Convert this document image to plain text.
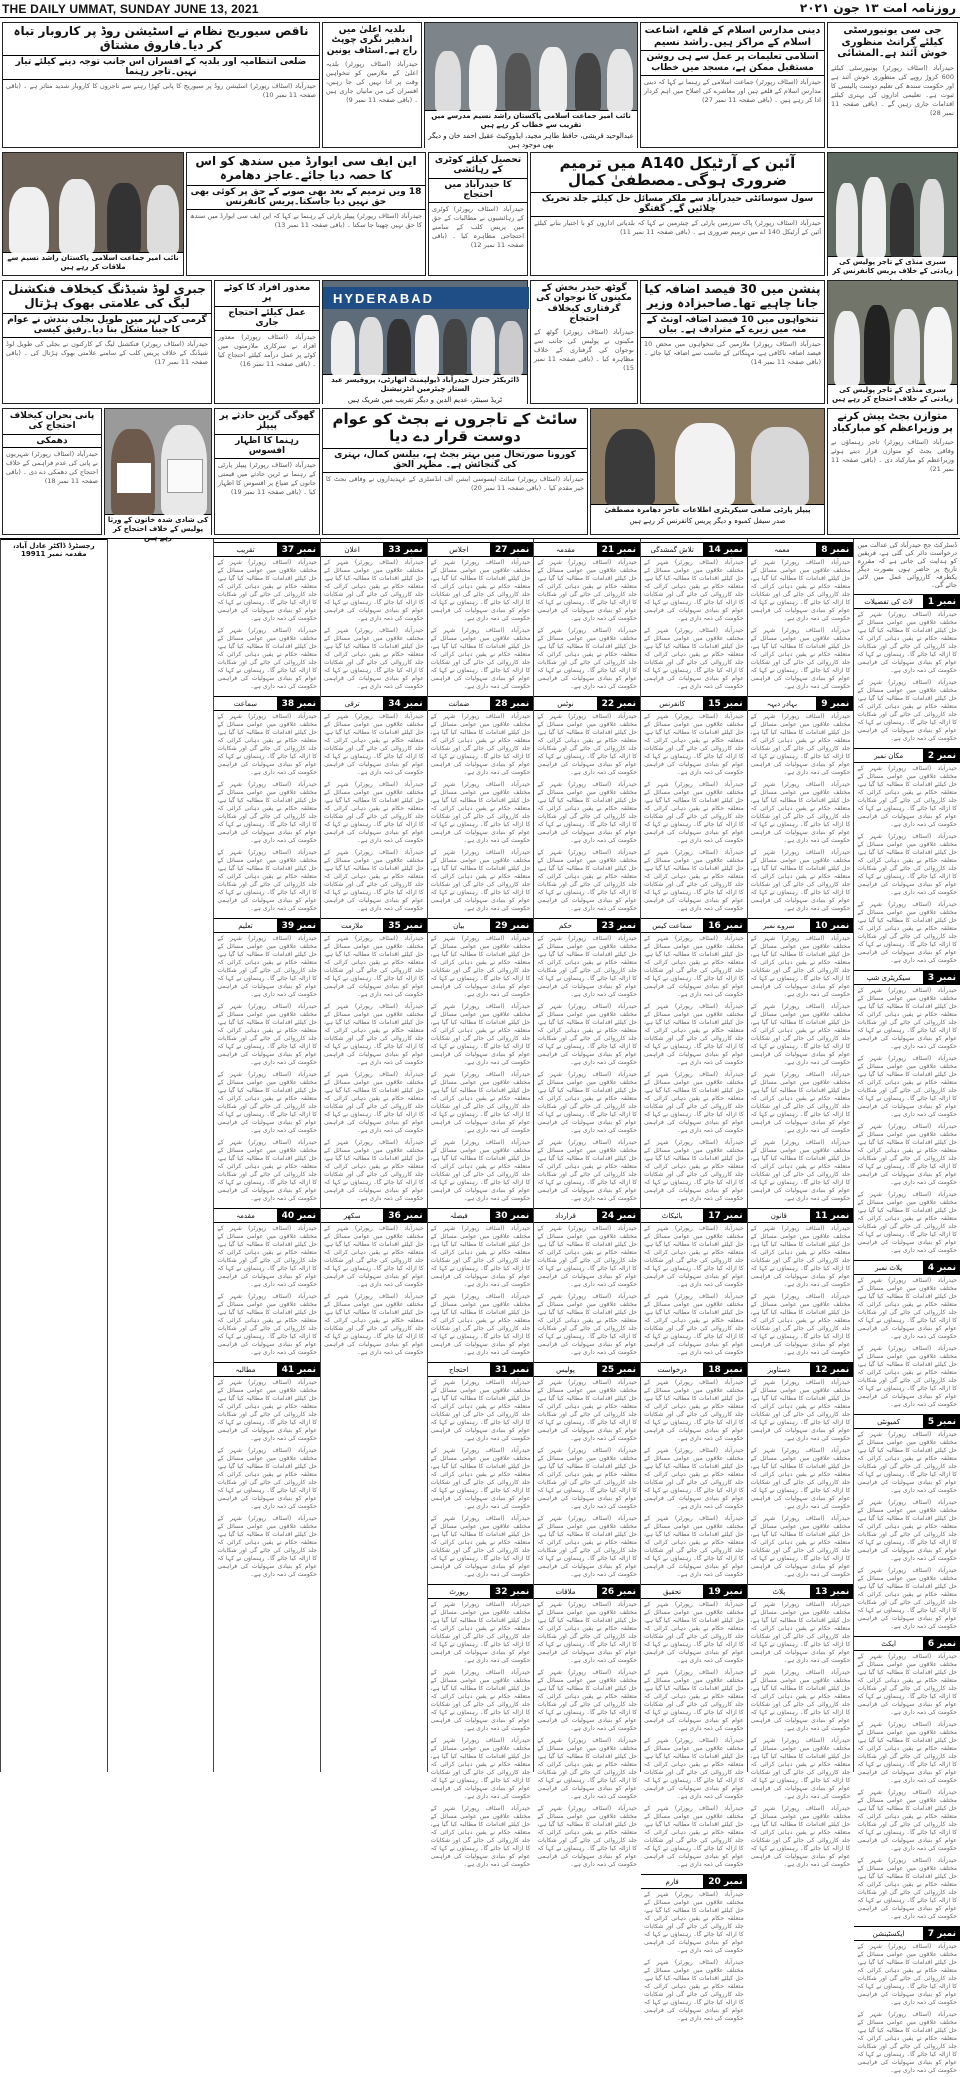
THE DAILY UMMAT, SUNDAY JUNE 13, 2021	روزنامہ امت ۱۳ جون ۲۰۲۱
جی سی یونیورسٹی کیلئے گرانٹ منظوری خوش آئند ہے۔المشائی
حیدرآباد (اسٹاف رپورٹر) یونیورسٹی کیلئے 600 کروڑ روپے کی منظوری خوش آئند ہے اور حکومت سندھ کی تعلیم دوست پالیسی کا ثبوت ہے۔ تعلیمی اداروں کی بہتری کیلئے اقدامات جاری رہیں گے ۔ (باقی صفحہ 11 نمبر 28)
دینی مدارس اسلام کے قلعے، اشاعت اسلام کے مراکز ہیں۔راشد نسیم
اسلامی تعلیمات پر عمل سے ہی روشن مستقبل ممکن ہے، مسجد میں خطاب
حیدرآباد (اسٹاف رپورٹر) جماعت اسلامی کے رہنما نے کہا کہ دینی مدارس اسلام کے قلعے ہیں اور معاشرے کی اصلاح میں اہم کردار ادا کر رہے ہیں ۔ (باقی صفحہ 11 نمبر 27)
نائب امیر جماعت اسلامی پاکستان راشد نسیم مدرسے میں تقریب سے خطاب کر رہے ہیں
عبدالوحید قریشی، حافظ طاہر مجید، ایڈووکیٹ عقیل احمد خان و دیگر بھی موجود ہیں
بلدیہ اعلیٰ میں اندھیر نگری چوپٹ راج ہے۔اسٹاف یونین
حیدرآباد (اسٹاف رپورٹر) بلدیہ اعلیٰ کے ملازمین کو تنخواہیں وقت پر ادا نہیں کی جا رہیں، افسران کی من مانیاں جاری ہیں ۔ (باقی صفحہ 11 نمبر 9)
ناقص سیوریج نظام نے اسٹیشن روڈ پر کاروبار تباہ کر دیا۔فاروق مشتاق
ضلعی انتظامیہ اور بلدیہ کے افسران اس جانب توجہ دینے کیلئے تیار نہیں۔تاجر رہنما
حیدرآباد (اسٹاف رپورٹر) اسٹیشن روڈ پر سیوریج کا پانی کھڑا رہنے سے تاجروں کا کاروبار شدید متاثر ہے ۔ (باقی صفحہ 11 نمبر 10)
سبزی منڈی کے تاجر پولیس کی زیادتی کے خلاف پریس کانفرنس کر
آئین کے آرٹیکل A140 میں ترمیم ضروری ہوگی۔مصطفیٰ کمال
سول سوسائٹی حیدرآباد سے ملکر مسائل حل کیلئے جلد تحریک چلائیں گے۔ گفتگو
حیدرآباد (اسٹاف رپورٹر) پاک سرزمین پارٹی کے چیئرمین نے کہا کہ بلدیاتی اداروں کو با اختیار بنانے کیلئے آئین کے آرٹیکل 140 اے میں ترمیم ضروری ہے ۔ (باقی صفحہ 11 نمبر 11)
تحصیل کیلئے کوٹری کے رہائشی
کا حیدرآباد میں احتجاج
حیدرآباد (اسٹاف رپورٹر) کوٹری کے رہائشیوں نے مطالبات کے حق میں پریس کلب کے سامنے احتجاجی مظاہرہ کیا ۔ (باقی صفحہ 11 نمبر 12)
این ایف سی ایوارڈ میں سندھ کو اس کا حصہ دیا جائے۔عاجز دھامرہ
18 ویں ترمیم کے بعد بھی صوبے کے حق پر کوئی بھی حق نہیں دیا جاسکتا۔پریس کانفرنس
حیدرآباد (اسٹاف رپورٹر) پیپلز پارٹی کے رہنما نے کہا کہ این ایف سی ایوارڈ میں سندھ کا حق نہیں چھینا جا سکتا ۔ (باقی صفحہ 11 نمبر 13)
نائب امیر جماعت اسلامی پاکستان راشد نسیم سے ملاقات کر رہے ہیں
سبزی منڈی کے تاجر پولیس کی زیادتی کے خلاف احتجاج کر رہے ہیں
پنشن میں 30 فیصد اضافہ کیا جانا چاہیے تھا۔صاحبزادہ وزیر
تنخواہوں میں 10 فیصد اضافہ اونٹ کے منہ میں زیرے کے مترادف ہے۔ بیان
حیدرآباد (اسٹاف رپورٹر) ملازمین کی تنخواہوں میں محض 10 فیصد اضافہ ناکافی ہے، مہنگائی کے تناسب سے اضافہ کیا جائے ۔ (باقی صفحہ 11 نمبر 14)
گوٹھ حیدر بخش کے مکینوں کا نوجوان کی گرفتاری کیخلاف احتجاج
حیدرآباد (اسٹاف رپورٹر) گوٹھ کے مکینوں نے پولیس کی جانب سے نوجوان کی گرفتاری کے خلاف مظاہرہ کیا ۔ (باقی صفحہ 11 نمبر 15)
HYDERABAD
ڈائریکٹر جنرل حیدرآباد ڈیولپمنٹ اتھارٹی، پروفیسر عبد الستار چیئرمین انٹرنیشنل
ٹریڈ سینٹر، عدیم الدین و دیگر تقریب میں شریک ہیں
معذور افراد کا کوٹے پر
عمل کیلئے احتجاج جاری
حیدرآباد (اسٹاف رپورٹر) معذور افراد نے سرکاری ملازمتوں میں کوٹے پر عمل درآمد کیلئے احتجاج کیا ۔ (باقی صفحہ 11 نمبر 16)
جبری لوڈ شیڈنگ کیخلاف فنکشنل لیگ کی علامتی بھوک ہڑتال
گرمی کی لہر میں طویل بجلی بندش نے عوام کا جینا مشکل بنا دیا۔رفیق کیسی
حیدرآباد (اسٹاف رپورٹر) فنکشنل لیگ کے کارکنوں نے بجلی کی طویل لوڈ شیڈنگ کے خلاف پریس کلب کے سامنے علامتی بھوک ہڑتال کی ۔ (باقی صفحہ 11 نمبر 17)
متوازن بجٹ پیش کرنے پر وزیراعظم کو مبارکباد
حیدرآباد (اسٹاف رپورٹر) تاجر رہنماؤں نے وفاقی بجٹ کو متوازن قرار دیتے ہوئے وزیراعظم کو مبارکباد دی ۔ (باقی صفحہ 11 نمبر 21)
پیپلز پارٹی ضلعی سیکریٹری اطلاعات عاجز دھامرہ مصطفیٰ
صدر سیفل کمبوہ و دیگر پریس کانفرنس کر رہے ہیں
سائٹ کے تاجروں نے بجٹ کو عوام دوست قرار دے دیا
کورونا صورتحال میں بہتر بجٹ ہے، بیلنس کمال، بہتری کی گنجائش ہے۔ مظہر الحق
حیدرآباد (اسٹاف رپورٹر) سائٹ ایسوسی ایشن آف انڈسٹری کے عہدیداروں نے وفاقی بجٹ کا خیر مقدم کیا ۔ (باقی صفحہ 11 نمبر 20)
گھوگی گرین حادثے پر پیپلز
رہنما کا اظہار افسوس
حیدرآباد (اسٹاف رپورٹر) پیپلز پارٹی کے رہنما نے ٹرین حادثے میں قیمتی جانوں کے ضیاع پر افسوس کا اظہار کیا ۔ (باقی صفحہ 11 نمبر 19)
کی شادی شدہ خاتون کے ورثا پولیس کے خلاف احتجاج کر رہے ہیں
پانی بحران کیخلاف احتجاج کی
دھمکی
حیدرآباد (اسٹاف رپورٹر) شہریوں نے پانی کی عدم فراہمی کے خلاف احتجاج کی دھمکی دے دی ۔ (باقی صفحہ 11 نمبر 18)
ڈسٹرکٹ جج حیدرآباد کی عدالت میں درخواست دائر کی گئی ہے، فریقین کو ہدایت کی جاتی ہے کہ مقررہ تاریخ پر حاضر ہوں بصورت دیگر یکطرفہ کارروائی عمل میں لائی جائے گی۔
نمبر 1
لاٹ کی تفصیلات
حیدرآباد (اسٹاف رپورٹر) شہر کے مختلف علاقوں میں عوامی مسائل کے حل کیلئے اقدامات کا مطالبہ کیا گیا ہے، متعلقہ حکام نے یقین دہانی کرائی کہ جلد کارروائی کی جائے گی اور شکایات کا ازالہ کیا جائے گا۔ رہنماؤں نے کہا کہ عوام کو بنیادی سہولیات کی فراہمی حکومت کی ذمہ داری ہے۔
حیدرآباد (اسٹاف رپورٹر) شہر کے مختلف علاقوں میں عوامی مسائل کے حل کیلئے اقدامات کا مطالبہ کیا گیا ہے، متعلقہ حکام نے یقین دہانی کرائی کہ جلد کارروائی کی جائے گی اور شکایات کا ازالہ کیا جائے گا۔ رہنماؤں نے کہا کہ عوام کو بنیادی سہولیات کی فراہمی حکومت کی ذمہ داری ہے۔
نمبر 2
مکان نمبر
حیدرآباد (اسٹاف رپورٹر) شہر کے مختلف علاقوں میں عوامی مسائل کے حل کیلئے اقدامات کا مطالبہ کیا گیا ہے، متعلقہ حکام نے یقین دہانی کرائی کہ جلد کارروائی کی جائے گی اور شکایات کا ازالہ کیا جائے گا۔ رہنماؤں نے کہا کہ عوام کو بنیادی سہولیات کی فراہمی حکومت کی ذمہ داری ہے۔
حیدرآباد (اسٹاف رپورٹر) شہر کے مختلف علاقوں میں عوامی مسائل کے حل کیلئے اقدامات کا مطالبہ کیا گیا ہے، متعلقہ حکام نے یقین دہانی کرائی کہ جلد کارروائی کی جائے گی اور شکایات کا ازالہ کیا جائے گا۔ رہنماؤں نے کہا کہ عوام کو بنیادی سہولیات کی فراہمی حکومت کی ذمہ داری ہے۔
حیدرآباد (اسٹاف رپورٹر) شہر کے مختلف علاقوں میں عوامی مسائل کے حل کیلئے اقدامات کا مطالبہ کیا گیا ہے، متعلقہ حکام نے یقین دہانی کرائی کہ جلد کارروائی کی جائے گی اور شکایات کا ازالہ کیا جائے گا۔ رہنماؤں نے کہا کہ عوام کو بنیادی سہولیات کی فراہمی حکومت کی ذمہ داری ہے۔
نمبر 3
سیکریٹری شپ
حیدرآباد (اسٹاف رپورٹر) شہر کے مختلف علاقوں میں عوامی مسائل کے حل کیلئے اقدامات کا مطالبہ کیا گیا ہے، متعلقہ حکام نے یقین دہانی کرائی کہ جلد کارروائی کی جائے گی اور شکایات کا ازالہ کیا جائے گا۔ رہنماؤں نے کہا کہ عوام کو بنیادی سہولیات کی فراہمی حکومت کی ذمہ داری ہے۔
حیدرآباد (اسٹاف رپورٹر) شہر کے مختلف علاقوں میں عوامی مسائل کے حل کیلئے اقدامات کا مطالبہ کیا گیا ہے، متعلقہ حکام نے یقین دہانی کرائی کہ جلد کارروائی کی جائے گی اور شکایات کا ازالہ کیا جائے گا۔ رہنماؤں نے کہا کہ عوام کو بنیادی سہولیات کی فراہمی حکومت کی ذمہ داری ہے۔
حیدرآباد (اسٹاف رپورٹر) شہر کے مختلف علاقوں میں عوامی مسائل کے حل کیلئے اقدامات کا مطالبہ کیا گیا ہے، متعلقہ حکام نے یقین دہانی کرائی کہ جلد کارروائی کی جائے گی اور شکایات کا ازالہ کیا جائے گا۔ رہنماؤں نے کہا کہ عوام کو بنیادی سہولیات کی فراہمی حکومت کی ذمہ داری ہے۔
حیدرآباد (اسٹاف رپورٹر) شہر کے مختلف علاقوں میں عوامی مسائل کے حل کیلئے اقدامات کا مطالبہ کیا گیا ہے، متعلقہ حکام نے یقین دہانی کرائی کہ جلد کارروائی کی جائے گی اور شکایات کا ازالہ کیا جائے گا۔ رہنماؤں نے کہا کہ عوام کو بنیادی سہولیات کی فراہمی حکومت کی ذمہ داری ہے۔
نمبر 4
پلاٹ نمبر
حیدرآباد (اسٹاف رپورٹر) شہر کے مختلف علاقوں میں عوامی مسائل کے حل کیلئے اقدامات کا مطالبہ کیا گیا ہے، متعلقہ حکام نے یقین دہانی کرائی کہ جلد کارروائی کی جائے گی اور شکایات کا ازالہ کیا جائے گا۔ رہنماؤں نے کہا کہ عوام کو بنیادی سہولیات کی فراہمی حکومت کی ذمہ داری ہے۔
حیدرآباد (اسٹاف رپورٹر) شہر کے مختلف علاقوں میں عوامی مسائل کے حل کیلئے اقدامات کا مطالبہ کیا گیا ہے، متعلقہ حکام نے یقین دہانی کرائی کہ جلد کارروائی کی جائے گی اور شکایات کا ازالہ کیا جائے گا۔ رہنماؤں نے کہا کہ عوام کو بنیادی سہولیات کی فراہمی حکومت کی ذمہ داری ہے۔
نمبر 5
کمیونٹی
حیدرآباد (اسٹاف رپورٹر) شہر کے مختلف علاقوں میں عوامی مسائل کے حل کیلئے اقدامات کا مطالبہ کیا گیا ہے، متعلقہ حکام نے یقین دہانی کرائی کہ جلد کارروائی کی جائے گی اور شکایات کا ازالہ کیا جائے گا۔ رہنماؤں نے کہا کہ عوام کو بنیادی سہولیات کی فراہمی حکومت کی ذمہ داری ہے۔
حیدرآباد (اسٹاف رپورٹر) شہر کے مختلف علاقوں میں عوامی مسائل کے حل کیلئے اقدامات کا مطالبہ کیا گیا ہے، متعلقہ حکام نے یقین دہانی کرائی کہ جلد کارروائی کی جائے گی اور شکایات کا ازالہ کیا جائے گا۔ رہنماؤں نے کہا کہ عوام کو بنیادی سہولیات کی فراہمی حکومت کی ذمہ داری ہے۔
حیدرآباد (اسٹاف رپورٹر) شہر کے مختلف علاقوں میں عوامی مسائل کے حل کیلئے اقدامات کا مطالبہ کیا گیا ہے، متعلقہ حکام نے یقین دہانی کرائی کہ جلد کارروائی کی جائے گی اور شکایات کا ازالہ کیا جائے گا۔ رہنماؤں نے کہا کہ عوام کو بنیادی سہولیات کی فراہمی حکومت کی ذمہ داری ہے۔
نمبر 6
ایکٹ
حیدرآباد (اسٹاف رپورٹر) شہر کے مختلف علاقوں میں عوامی مسائل کے حل کیلئے اقدامات کا مطالبہ کیا گیا ہے، متعلقہ حکام نے یقین دہانی کرائی کہ جلد کارروائی کی جائے گی اور شکایات کا ازالہ کیا جائے گا۔ رہنماؤں نے کہا کہ عوام کو بنیادی سہولیات کی فراہمی حکومت کی ذمہ داری ہے۔
حیدرآباد (اسٹاف رپورٹر) شہر کے مختلف علاقوں میں عوامی مسائل کے حل کیلئے اقدامات کا مطالبہ کیا گیا ہے، متعلقہ حکام نے یقین دہانی کرائی کہ جلد کارروائی کی جائے گی اور شکایات کا ازالہ کیا جائے گا۔ رہنماؤں نے کہا کہ عوام کو بنیادی سہولیات کی فراہمی حکومت کی ذمہ داری ہے۔
حیدرآباد (اسٹاف رپورٹر) شہر کے مختلف علاقوں میں عوامی مسائل کے حل کیلئے اقدامات کا مطالبہ کیا گیا ہے، متعلقہ حکام نے یقین دہانی کرائی کہ جلد کارروائی کی جائے گی اور شکایات کا ازالہ کیا جائے گا۔ رہنماؤں نے کہا کہ عوام کو بنیادی سہولیات کی فراہمی حکومت کی ذمہ داری ہے۔
حیدرآباد (اسٹاف رپورٹر) شہر کے مختلف علاقوں میں عوامی مسائل کے حل کیلئے اقدامات کا مطالبہ کیا گیا ہے، متعلقہ حکام نے یقین دہانی کرائی کہ جلد کارروائی کی جائے گی اور شکایات کا ازالہ کیا جائے گا۔ رہنماؤں نے کہا کہ عوام کو بنیادی سہولیات کی فراہمی حکومت کی ذمہ داری ہے۔
نمبر 7
ایکسٹینشن
حیدرآباد (اسٹاف رپورٹر) شہر کے مختلف علاقوں میں عوامی مسائل کے حل کیلئے اقدامات کا مطالبہ کیا گیا ہے، متعلقہ حکام نے یقین دہانی کرائی کہ جلد کارروائی کی جائے گی اور شکایات کا ازالہ کیا جائے گا۔ رہنماؤں نے کہا کہ عوام کو بنیادی سہولیات کی فراہمی حکومت کی ذمہ داری ہے۔
حیدرآباد (اسٹاف رپورٹر) شہر کے مختلف علاقوں میں عوامی مسائل کے حل کیلئے اقدامات کا مطالبہ کیا گیا ہے، متعلقہ حکام نے یقین دہانی کرائی کہ جلد کارروائی کی جائے گی اور شکایات کا ازالہ کیا جائے گا۔ رہنماؤں نے کہا کہ عوام کو بنیادی سہولیات کی فراہمی حکومت کی ذمہ داری ہے۔
نمبر 8
معمہ
حیدرآباد (اسٹاف رپورٹر) شہر کے مختلف علاقوں میں عوامی مسائل کے حل کیلئے اقدامات کا مطالبہ کیا گیا ہے، متعلقہ حکام نے یقین دہانی کرائی کہ جلد کارروائی کی جائے گی اور شکایات کا ازالہ کیا جائے گا۔ رہنماؤں نے کہا کہ عوام کو بنیادی سہولیات کی فراہمی حکومت کی ذمہ داری ہے۔
حیدرآباد (اسٹاف رپورٹر) شہر کے مختلف علاقوں میں عوامی مسائل کے حل کیلئے اقدامات کا مطالبہ کیا گیا ہے، متعلقہ حکام نے یقین دہانی کرائی کہ جلد کارروائی کی جائے گی اور شکایات کا ازالہ کیا جائے گا۔ رہنماؤں نے کہا کہ عوام کو بنیادی سہولیات کی فراہمی حکومت کی ذمہ داری ہے۔
نمبر 9
بہادر دیہہ
حیدرآباد (اسٹاف رپورٹر) شہر کے مختلف علاقوں میں عوامی مسائل کے حل کیلئے اقدامات کا مطالبہ کیا گیا ہے، متعلقہ حکام نے یقین دہانی کرائی کہ جلد کارروائی کی جائے گی اور شکایات کا ازالہ کیا جائے گا۔ رہنماؤں نے کہا کہ عوام کو بنیادی سہولیات کی فراہمی حکومت کی ذمہ داری ہے۔
حیدرآباد (اسٹاف رپورٹر) شہر کے مختلف علاقوں میں عوامی مسائل کے حل کیلئے اقدامات کا مطالبہ کیا گیا ہے، متعلقہ حکام نے یقین دہانی کرائی کہ جلد کارروائی کی جائے گی اور شکایات کا ازالہ کیا جائے گا۔ رہنماؤں نے کہا کہ عوام کو بنیادی سہولیات کی فراہمی حکومت کی ذمہ داری ہے۔
حیدرآباد (اسٹاف رپورٹر) شہر کے مختلف علاقوں میں عوامی مسائل کے حل کیلئے اقدامات کا مطالبہ کیا گیا ہے، متعلقہ حکام نے یقین دہانی کرائی کہ جلد کارروائی کی جائے گی اور شکایات کا ازالہ کیا جائے گا۔ رہنماؤں نے کہا کہ عوام کو بنیادی سہولیات کی فراہمی حکومت کی ذمہ داری ہے۔
نمبر 10
سروے نمبر
حیدرآباد (اسٹاف رپورٹر) شہر کے مختلف علاقوں میں عوامی مسائل کے حل کیلئے اقدامات کا مطالبہ کیا گیا ہے، متعلقہ حکام نے یقین دہانی کرائی کہ جلد کارروائی کی جائے گی اور شکایات کا ازالہ کیا جائے گا۔ رہنماؤں نے کہا کہ عوام کو بنیادی سہولیات کی فراہمی حکومت کی ذمہ داری ہے۔
حیدرآباد (اسٹاف رپورٹر) شہر کے مختلف علاقوں میں عوامی مسائل کے حل کیلئے اقدامات کا مطالبہ کیا گیا ہے، متعلقہ حکام نے یقین دہانی کرائی کہ جلد کارروائی کی جائے گی اور شکایات کا ازالہ کیا جائے گا۔ رہنماؤں نے کہا کہ عوام کو بنیادی سہولیات کی فراہمی حکومت کی ذمہ داری ہے۔
حیدرآباد (اسٹاف رپورٹر) شہر کے مختلف علاقوں میں عوامی مسائل کے حل کیلئے اقدامات کا مطالبہ کیا گیا ہے، متعلقہ حکام نے یقین دہانی کرائی کہ جلد کارروائی کی جائے گی اور شکایات کا ازالہ کیا جائے گا۔ رہنماؤں نے کہا کہ عوام کو بنیادی سہولیات کی فراہمی حکومت کی ذمہ داری ہے۔
حیدرآباد (اسٹاف رپورٹر) شہر کے مختلف علاقوں میں عوامی مسائل کے حل کیلئے اقدامات کا مطالبہ کیا گیا ہے، متعلقہ حکام نے یقین دہانی کرائی کہ جلد کارروائی کی جائے گی اور شکایات کا ازالہ کیا جائے گا۔ رہنماؤں نے کہا کہ عوام کو بنیادی سہولیات کی فراہمی حکومت کی ذمہ داری ہے۔
نمبر 11
قانون
حیدرآباد (اسٹاف رپورٹر) شہر کے مختلف علاقوں میں عوامی مسائل کے حل کیلئے اقدامات کا مطالبہ کیا گیا ہے، متعلقہ حکام نے یقین دہانی کرائی کہ جلد کارروائی کی جائے گی اور شکایات کا ازالہ کیا جائے گا۔ رہنماؤں نے کہا کہ عوام کو بنیادی سہولیات کی فراہمی حکومت کی ذمہ داری ہے۔
حیدرآباد (اسٹاف رپورٹر) شہر کے مختلف علاقوں میں عوامی مسائل کے حل کیلئے اقدامات کا مطالبہ کیا گیا ہے، متعلقہ حکام نے یقین دہانی کرائی کہ جلد کارروائی کی جائے گی اور شکایات کا ازالہ کیا جائے گا۔ رہنماؤں نے کہا کہ عوام کو بنیادی سہولیات کی فراہمی حکومت کی ذمہ داری ہے۔
نمبر 12
دستاویز
حیدرآباد (اسٹاف رپورٹر) شہر کے مختلف علاقوں میں عوامی مسائل کے حل کیلئے اقدامات کا مطالبہ کیا گیا ہے، متعلقہ حکام نے یقین دہانی کرائی کہ جلد کارروائی کی جائے گی اور شکایات کا ازالہ کیا جائے گا۔ رہنماؤں نے کہا کہ عوام کو بنیادی سہولیات کی فراہمی حکومت کی ذمہ داری ہے۔
حیدرآباد (اسٹاف رپورٹر) شہر کے مختلف علاقوں میں عوامی مسائل کے حل کیلئے اقدامات کا مطالبہ کیا گیا ہے، متعلقہ حکام نے یقین دہانی کرائی کہ جلد کارروائی کی جائے گی اور شکایات کا ازالہ کیا جائے گا۔ رہنماؤں نے کہا کہ عوام کو بنیادی سہولیات کی فراہمی حکومت کی ذمہ داری ہے۔
حیدرآباد (اسٹاف رپورٹر) شہر کے مختلف علاقوں میں عوامی مسائل کے حل کیلئے اقدامات کا مطالبہ کیا گیا ہے، متعلقہ حکام نے یقین دہانی کرائی کہ جلد کارروائی کی جائے گی اور شکایات کا ازالہ کیا جائے گا۔ رہنماؤں نے کہا کہ عوام کو بنیادی سہولیات کی فراہمی حکومت کی ذمہ داری ہے۔
نمبر 13
پلاٹ
حیدرآباد (اسٹاف رپورٹر) شہر کے مختلف علاقوں میں عوامی مسائل کے حل کیلئے اقدامات کا مطالبہ کیا گیا ہے، متعلقہ حکام نے یقین دہانی کرائی کہ جلد کارروائی کی جائے گی اور شکایات کا ازالہ کیا جائے گا۔ رہنماؤں نے کہا کہ عوام کو بنیادی سہولیات کی فراہمی حکومت کی ذمہ داری ہے۔
حیدرآباد (اسٹاف رپورٹر) شہر کے مختلف علاقوں میں عوامی مسائل کے حل کیلئے اقدامات کا مطالبہ کیا گیا ہے، متعلقہ حکام نے یقین دہانی کرائی کہ جلد کارروائی کی جائے گی اور شکایات کا ازالہ کیا جائے گا۔ رہنماؤں نے کہا کہ عوام کو بنیادی سہولیات کی فراہمی حکومت کی ذمہ داری ہے۔
حیدرآباد (اسٹاف رپورٹر) شہر کے مختلف علاقوں میں عوامی مسائل کے حل کیلئے اقدامات کا مطالبہ کیا گیا ہے، متعلقہ حکام نے یقین دہانی کرائی کہ جلد کارروائی کی جائے گی اور شکایات کا ازالہ کیا جائے گا۔ رہنماؤں نے کہا کہ عوام کو بنیادی سہولیات کی فراہمی حکومت کی ذمہ داری ہے۔
حیدرآباد (اسٹاف رپورٹر) شہر کے مختلف علاقوں میں عوامی مسائل کے حل کیلئے اقدامات کا مطالبہ کیا گیا ہے، متعلقہ حکام نے یقین دہانی کرائی کہ جلد کارروائی کی جائے گی اور شکایات کا ازالہ کیا جائے گا۔ رہنماؤں نے کہا کہ عوام کو بنیادی سہولیات کی فراہمی حکومت کی ذمہ داری ہے۔
نمبر 14
تلاش گمشدگی
حیدرآباد (اسٹاف رپورٹر) شہر کے مختلف علاقوں میں عوامی مسائل کے حل کیلئے اقدامات کا مطالبہ کیا گیا ہے، متعلقہ حکام نے یقین دہانی کرائی کہ جلد کارروائی کی جائے گی اور شکایات کا ازالہ کیا جائے گا۔ رہنماؤں نے کہا کہ عوام کو بنیادی سہولیات کی فراہمی حکومت کی ذمہ داری ہے۔
حیدرآباد (اسٹاف رپورٹر) شہر کے مختلف علاقوں میں عوامی مسائل کے حل کیلئے اقدامات کا مطالبہ کیا گیا ہے، متعلقہ حکام نے یقین دہانی کرائی کہ جلد کارروائی کی جائے گی اور شکایات کا ازالہ کیا جائے گا۔ رہنماؤں نے کہا کہ عوام کو بنیادی سہولیات کی فراہمی حکومت کی ذمہ داری ہے۔
نمبر 15
کانفرنس
حیدرآباد (اسٹاف رپورٹر) شہر کے مختلف علاقوں میں عوامی مسائل کے حل کیلئے اقدامات کا مطالبہ کیا گیا ہے، متعلقہ حکام نے یقین دہانی کرائی کہ جلد کارروائی کی جائے گی اور شکایات کا ازالہ کیا جائے گا۔ رہنماؤں نے کہا کہ عوام کو بنیادی سہولیات کی فراہمی حکومت کی ذمہ داری ہے۔
حیدرآباد (اسٹاف رپورٹر) شہر کے مختلف علاقوں میں عوامی مسائل کے حل کیلئے اقدامات کا مطالبہ کیا گیا ہے، متعلقہ حکام نے یقین دہانی کرائی کہ جلد کارروائی کی جائے گی اور شکایات کا ازالہ کیا جائے گا۔ رہنماؤں نے کہا کہ عوام کو بنیادی سہولیات کی فراہمی حکومت کی ذمہ داری ہے۔
حیدرآباد (اسٹاف رپورٹر) شہر کے مختلف علاقوں میں عوامی مسائل کے حل کیلئے اقدامات کا مطالبہ کیا گیا ہے، متعلقہ حکام نے یقین دہانی کرائی کہ جلد کارروائی کی جائے گی اور شکایات کا ازالہ کیا جائے گا۔ رہنماؤں نے کہا کہ عوام کو بنیادی سہولیات کی فراہمی حکومت کی ذمہ داری ہے۔
نمبر 16
سماعت کیس
حیدرآباد (اسٹاف رپورٹر) شہر کے مختلف علاقوں میں عوامی مسائل کے حل کیلئے اقدامات کا مطالبہ کیا گیا ہے، متعلقہ حکام نے یقین دہانی کرائی کہ جلد کارروائی کی جائے گی اور شکایات کا ازالہ کیا جائے گا۔ رہنماؤں نے کہا کہ عوام کو بنیادی سہولیات کی فراہمی حکومت کی ذمہ داری ہے۔
حیدرآباد (اسٹاف رپورٹر) شہر کے مختلف علاقوں میں عوامی مسائل کے حل کیلئے اقدامات کا مطالبہ کیا گیا ہے، متعلقہ حکام نے یقین دہانی کرائی کہ جلد کارروائی کی جائے گی اور شکایات کا ازالہ کیا جائے گا۔ رہنماؤں نے کہا کہ عوام کو بنیادی سہولیات کی فراہمی حکومت کی ذمہ داری ہے۔
حیدرآباد (اسٹاف رپورٹر) شہر کے مختلف علاقوں میں عوامی مسائل کے حل کیلئے اقدامات کا مطالبہ کیا گیا ہے، متعلقہ حکام نے یقین دہانی کرائی کہ جلد کارروائی کی جائے گی اور شکایات کا ازالہ کیا جائے گا۔ رہنماؤں نے کہا کہ عوام کو بنیادی سہولیات کی فراہمی حکومت کی ذمہ داری ہے۔
حیدرآباد (اسٹاف رپورٹر) شہر کے مختلف علاقوں میں عوامی مسائل کے حل کیلئے اقدامات کا مطالبہ کیا گیا ہے، متعلقہ حکام نے یقین دہانی کرائی کہ جلد کارروائی کی جائے گی اور شکایات کا ازالہ کیا جائے گا۔ رہنماؤں نے کہا کہ عوام کو بنیادی سہولیات کی فراہمی حکومت کی ذمہ داری ہے۔
نمبر 17
بائیکاٹ
حیدرآباد (اسٹاف رپورٹر) شہر کے مختلف علاقوں میں عوامی مسائل کے حل کیلئے اقدامات کا مطالبہ کیا گیا ہے، متعلقہ حکام نے یقین دہانی کرائی کہ جلد کارروائی کی جائے گی اور شکایات کا ازالہ کیا جائے گا۔ رہنماؤں نے کہا کہ عوام کو بنیادی سہولیات کی فراہمی حکومت کی ذمہ داری ہے۔
حیدرآباد (اسٹاف رپورٹر) شہر کے مختلف علاقوں میں عوامی مسائل کے حل کیلئے اقدامات کا مطالبہ کیا گیا ہے، متعلقہ حکام نے یقین دہانی کرائی کہ جلد کارروائی کی جائے گی اور شکایات کا ازالہ کیا جائے گا۔ رہنماؤں نے کہا کہ عوام کو بنیادی سہولیات کی فراہمی حکومت کی ذمہ داری ہے۔
نمبر 18
درخواست
حیدرآباد (اسٹاف رپورٹر) شہر کے مختلف علاقوں میں عوامی مسائل کے حل کیلئے اقدامات کا مطالبہ کیا گیا ہے، متعلقہ حکام نے یقین دہانی کرائی کہ جلد کارروائی کی جائے گی اور شکایات کا ازالہ کیا جائے گا۔ رہنماؤں نے کہا کہ عوام کو بنیادی سہولیات کی فراہمی حکومت کی ذمہ داری ہے۔
حیدرآباد (اسٹاف رپورٹر) شہر کے مختلف علاقوں میں عوامی مسائل کے حل کیلئے اقدامات کا مطالبہ کیا گیا ہے، متعلقہ حکام نے یقین دہانی کرائی کہ جلد کارروائی کی جائے گی اور شکایات کا ازالہ کیا جائے گا۔ رہنماؤں نے کہا کہ عوام کو بنیادی سہولیات کی فراہمی حکومت کی ذمہ داری ہے۔
حیدرآباد (اسٹاف رپورٹر) شہر کے مختلف علاقوں میں عوامی مسائل کے حل کیلئے اقدامات کا مطالبہ کیا گیا ہے، متعلقہ حکام نے یقین دہانی کرائی کہ جلد کارروائی کی جائے گی اور شکایات کا ازالہ کیا جائے گا۔ رہنماؤں نے کہا کہ عوام کو بنیادی سہولیات کی فراہمی حکومت کی ذمہ داری ہے۔
نمبر 19
تحقیق
حیدرآباد (اسٹاف رپورٹر) شہر کے مختلف علاقوں میں عوامی مسائل کے حل کیلئے اقدامات کا مطالبہ کیا گیا ہے، متعلقہ حکام نے یقین دہانی کرائی کہ جلد کارروائی کی جائے گی اور شکایات کا ازالہ کیا جائے گا۔ رہنماؤں نے کہا کہ عوام کو بنیادی سہولیات کی فراہمی حکومت کی ذمہ داری ہے۔
حیدرآباد (اسٹاف رپورٹر) شہر کے مختلف علاقوں میں عوامی مسائل کے حل کیلئے اقدامات کا مطالبہ کیا گیا ہے، متعلقہ حکام نے یقین دہانی کرائی کہ جلد کارروائی کی جائے گی اور شکایات کا ازالہ کیا جائے گا۔ رہنماؤں نے کہا کہ عوام کو بنیادی سہولیات کی فراہمی حکومت کی ذمہ داری ہے۔
حیدرآباد (اسٹاف رپورٹر) شہر کے مختلف علاقوں میں عوامی مسائل کے حل کیلئے اقدامات کا مطالبہ کیا گیا ہے، متعلقہ حکام نے یقین دہانی کرائی کہ جلد کارروائی کی جائے گی اور شکایات کا ازالہ کیا جائے گا۔ رہنماؤں نے کہا کہ عوام کو بنیادی سہولیات کی فراہمی حکومت کی ذمہ داری ہے۔
حیدرآباد (اسٹاف رپورٹر) شہر کے مختلف علاقوں میں عوامی مسائل کے حل کیلئے اقدامات کا مطالبہ کیا گیا ہے، متعلقہ حکام نے یقین دہانی کرائی کہ جلد کارروائی کی جائے گی اور شکایات کا ازالہ کیا جائے گا۔ رہنماؤں نے کہا کہ عوام کو بنیادی سہولیات کی فراہمی حکومت کی ذمہ داری ہے۔
نمبر 20
فارم
حیدرآباد (اسٹاف رپورٹر) شہر کے مختلف علاقوں میں عوامی مسائل کے حل کیلئے اقدامات کا مطالبہ کیا گیا ہے، متعلقہ حکام نے یقین دہانی کرائی کہ جلد کارروائی کی جائے گی اور شکایات کا ازالہ کیا جائے گا۔ رہنماؤں نے کہا کہ عوام کو بنیادی سہولیات کی فراہمی حکومت کی ذمہ داری ہے۔
حیدرآباد (اسٹاف رپورٹر) شہر کے مختلف علاقوں میں عوامی مسائل کے حل کیلئے اقدامات کا مطالبہ کیا گیا ہے، متعلقہ حکام نے یقین دہانی کرائی کہ جلد کارروائی کی جائے گی اور شکایات کا ازالہ کیا جائے گا۔ رہنماؤں نے کہا کہ عوام کو بنیادی سہولیات کی فراہمی حکومت کی ذمہ داری ہے۔
نمبر 21
مقدمہ
حیدرآباد (اسٹاف رپورٹر) شہر کے مختلف علاقوں میں عوامی مسائل کے حل کیلئے اقدامات کا مطالبہ کیا گیا ہے، متعلقہ حکام نے یقین دہانی کرائی کہ جلد کارروائی کی جائے گی اور شکایات کا ازالہ کیا جائے گا۔ رہنماؤں نے کہا کہ عوام کو بنیادی سہولیات کی فراہمی حکومت کی ذمہ داری ہے۔
حیدرآباد (اسٹاف رپورٹر) شہر کے مختلف علاقوں میں عوامی مسائل کے حل کیلئے اقدامات کا مطالبہ کیا گیا ہے، متعلقہ حکام نے یقین دہانی کرائی کہ جلد کارروائی کی جائے گی اور شکایات کا ازالہ کیا جائے گا۔ رہنماؤں نے کہا کہ عوام کو بنیادی سہولیات کی فراہمی حکومت کی ذمہ داری ہے۔
نمبر 22
نوٹس
حیدرآباد (اسٹاف رپورٹر) شہر کے مختلف علاقوں میں عوامی مسائل کے حل کیلئے اقدامات کا مطالبہ کیا گیا ہے، متعلقہ حکام نے یقین دہانی کرائی کہ جلد کارروائی کی جائے گی اور شکایات کا ازالہ کیا جائے گا۔ رہنماؤں نے کہا کہ عوام کو بنیادی سہولیات کی فراہمی حکومت کی ذمہ داری ہے۔
حیدرآباد (اسٹاف رپورٹر) شہر کے مختلف علاقوں میں عوامی مسائل کے حل کیلئے اقدامات کا مطالبہ کیا گیا ہے، متعلقہ حکام نے یقین دہانی کرائی کہ جلد کارروائی کی جائے گی اور شکایات کا ازالہ کیا جائے گا۔ رہنماؤں نے کہا کہ عوام کو بنیادی سہولیات کی فراہمی حکومت کی ذمہ داری ہے۔
حیدرآباد (اسٹاف رپورٹر) شہر کے مختلف علاقوں میں عوامی مسائل کے حل کیلئے اقدامات کا مطالبہ کیا گیا ہے، متعلقہ حکام نے یقین دہانی کرائی کہ جلد کارروائی کی جائے گی اور شکایات کا ازالہ کیا جائے گا۔ رہنماؤں نے کہا کہ عوام کو بنیادی سہولیات کی فراہمی حکومت کی ذمہ داری ہے۔
نمبر 23
حکم
حیدرآباد (اسٹاف رپورٹر) شہر کے مختلف علاقوں میں عوامی مسائل کے حل کیلئے اقدامات کا مطالبہ کیا گیا ہے، متعلقہ حکام نے یقین دہانی کرائی کہ جلد کارروائی کی جائے گی اور شکایات کا ازالہ کیا جائے گا۔ رہنماؤں نے کہا کہ عوام کو بنیادی سہولیات کی فراہمی حکومت کی ذمہ داری ہے۔
حیدرآباد (اسٹاف رپورٹر) شہر کے مختلف علاقوں میں عوامی مسائل کے حل کیلئے اقدامات کا مطالبہ کیا گیا ہے، متعلقہ حکام نے یقین دہانی کرائی کہ جلد کارروائی کی جائے گی اور شکایات کا ازالہ کیا جائے گا۔ رہنماؤں نے کہا کہ عوام کو بنیادی سہولیات کی فراہمی حکومت کی ذمہ داری ہے۔
حیدرآباد (اسٹاف رپورٹر) شہر کے مختلف علاقوں میں عوامی مسائل کے حل کیلئے اقدامات کا مطالبہ کیا گیا ہے، متعلقہ حکام نے یقین دہانی کرائی کہ جلد کارروائی کی جائے گی اور شکایات کا ازالہ کیا جائے گا۔ رہنماؤں نے کہا کہ عوام کو بنیادی سہولیات کی فراہمی حکومت کی ذمہ داری ہے۔
حیدرآباد (اسٹاف رپورٹر) شہر کے مختلف علاقوں میں عوامی مسائل کے حل کیلئے اقدامات کا مطالبہ کیا گیا ہے، متعلقہ حکام نے یقین دہانی کرائی کہ جلد کارروائی کی جائے گی اور شکایات کا ازالہ کیا جائے گا۔ رہنماؤں نے کہا کہ عوام کو بنیادی سہولیات کی فراہمی حکومت کی ذمہ داری ہے۔
نمبر 24
قرارداد
حیدرآباد (اسٹاف رپورٹر) شہر کے مختلف علاقوں میں عوامی مسائل کے حل کیلئے اقدامات کا مطالبہ کیا گیا ہے، متعلقہ حکام نے یقین دہانی کرائی کہ جلد کارروائی کی جائے گی اور شکایات کا ازالہ کیا جائے گا۔ رہنماؤں نے کہا کہ عوام کو بنیادی سہولیات کی فراہمی حکومت کی ذمہ داری ہے۔
حیدرآباد (اسٹاف رپورٹر) شہر کے مختلف علاقوں میں عوامی مسائل کے حل کیلئے اقدامات کا مطالبہ کیا گیا ہے، متعلقہ حکام نے یقین دہانی کرائی کہ جلد کارروائی کی جائے گی اور شکایات کا ازالہ کیا جائے گا۔ رہنماؤں نے کہا کہ عوام کو بنیادی سہولیات کی فراہمی حکومت کی ذمہ داری ہے۔
نمبر 25
پولیس
حیدرآباد (اسٹاف رپورٹر) شہر کے مختلف علاقوں میں عوامی مسائل کے حل کیلئے اقدامات کا مطالبہ کیا گیا ہے، متعلقہ حکام نے یقین دہانی کرائی کہ جلد کارروائی کی جائے گی اور شکایات کا ازالہ کیا جائے گا۔ رہنماؤں نے کہا کہ عوام کو بنیادی سہولیات کی فراہمی حکومت کی ذمہ داری ہے۔
حیدرآباد (اسٹاف رپورٹر) شہر کے مختلف علاقوں میں عوامی مسائل کے حل کیلئے اقدامات کا مطالبہ کیا گیا ہے، متعلقہ حکام نے یقین دہانی کرائی کہ جلد کارروائی کی جائے گی اور شکایات کا ازالہ کیا جائے گا۔ رہنماؤں نے کہا کہ عوام کو بنیادی سہولیات کی فراہمی حکومت کی ذمہ داری ہے۔
حیدرآباد (اسٹاف رپورٹر) شہر کے مختلف علاقوں میں عوامی مسائل کے حل کیلئے اقدامات کا مطالبہ کیا گیا ہے، متعلقہ حکام نے یقین دہانی کرائی کہ جلد کارروائی کی جائے گی اور شکایات کا ازالہ کیا جائے گا۔ رہنماؤں نے کہا کہ عوام کو بنیادی سہولیات کی فراہمی حکومت کی ذمہ داری ہے۔
نمبر 26
ملاقات
حیدرآباد (اسٹاف رپورٹر) شہر کے مختلف علاقوں میں عوامی مسائل کے حل کیلئے اقدامات کا مطالبہ کیا گیا ہے، متعلقہ حکام نے یقین دہانی کرائی کہ جلد کارروائی کی جائے گی اور شکایات کا ازالہ کیا جائے گا۔ رہنماؤں نے کہا کہ عوام کو بنیادی سہولیات کی فراہمی حکومت کی ذمہ داری ہے۔
حیدرآباد (اسٹاف رپورٹر) شہر کے مختلف علاقوں میں عوامی مسائل کے حل کیلئے اقدامات کا مطالبہ کیا گیا ہے، متعلقہ حکام نے یقین دہانی کرائی کہ جلد کارروائی کی جائے گی اور شکایات کا ازالہ کیا جائے گا۔ رہنماؤں نے کہا کہ عوام کو بنیادی سہولیات کی فراہمی حکومت کی ذمہ داری ہے۔
حیدرآباد (اسٹاف رپورٹر) شہر کے مختلف علاقوں میں عوامی مسائل کے حل کیلئے اقدامات کا مطالبہ کیا گیا ہے، متعلقہ حکام نے یقین دہانی کرائی کہ جلد کارروائی کی جائے گی اور شکایات کا ازالہ کیا جائے گا۔ رہنماؤں نے کہا کہ عوام کو بنیادی سہولیات کی فراہمی حکومت کی ذمہ داری ہے۔
حیدرآباد (اسٹاف رپورٹر) شہر کے مختلف علاقوں میں عوامی مسائل کے حل کیلئے اقدامات کا مطالبہ کیا گیا ہے، متعلقہ حکام نے یقین دہانی کرائی کہ جلد کارروائی کی جائے گی اور شکایات کا ازالہ کیا جائے گا۔ رہنماؤں نے کہا کہ عوام کو بنیادی سہولیات کی فراہمی حکومت کی ذمہ داری ہے۔
نمبر 27
اجلاس
حیدرآباد (اسٹاف رپورٹر) شہر کے مختلف علاقوں میں عوامی مسائل کے حل کیلئے اقدامات کا مطالبہ کیا گیا ہے، متعلقہ حکام نے یقین دہانی کرائی کہ جلد کارروائی کی جائے گی اور شکایات کا ازالہ کیا جائے گا۔ رہنماؤں نے کہا کہ عوام کو بنیادی سہولیات کی فراہمی حکومت کی ذمہ داری ہے۔
حیدرآباد (اسٹاف رپورٹر) شہر کے مختلف علاقوں میں عوامی مسائل کے حل کیلئے اقدامات کا مطالبہ کیا گیا ہے، متعلقہ حکام نے یقین دہانی کرائی کہ جلد کارروائی کی جائے گی اور شکایات کا ازالہ کیا جائے گا۔ رہنماؤں نے کہا کہ عوام کو بنیادی سہولیات کی فراہمی حکومت کی ذمہ داری ہے۔
نمبر 28
ضمانت
حیدرآباد (اسٹاف رپورٹر) شہر کے مختلف علاقوں میں عوامی مسائل کے حل کیلئے اقدامات کا مطالبہ کیا گیا ہے، متعلقہ حکام نے یقین دہانی کرائی کہ جلد کارروائی کی جائے گی اور شکایات کا ازالہ کیا جائے گا۔ رہنماؤں نے کہا کہ عوام کو بنیادی سہولیات کی فراہمی حکومت کی ذمہ داری ہے۔
حیدرآباد (اسٹاف رپورٹر) شہر کے مختلف علاقوں میں عوامی مسائل کے حل کیلئے اقدامات کا مطالبہ کیا گیا ہے، متعلقہ حکام نے یقین دہانی کرائی کہ جلد کارروائی کی جائے گی اور شکایات کا ازالہ کیا جائے گا۔ رہنماؤں نے کہا کہ عوام کو بنیادی سہولیات کی فراہمی حکومت کی ذمہ داری ہے۔
حیدرآباد (اسٹاف رپورٹر) شہر کے مختلف علاقوں میں عوامی مسائل کے حل کیلئے اقدامات کا مطالبہ کیا گیا ہے، متعلقہ حکام نے یقین دہانی کرائی کہ جلد کارروائی کی جائے گی اور شکایات کا ازالہ کیا جائے گا۔ رہنماؤں نے کہا کہ عوام کو بنیادی سہولیات کی فراہمی حکومت کی ذمہ داری ہے۔
نمبر 29
بیان
حیدرآباد (اسٹاف رپورٹر) شہر کے مختلف علاقوں میں عوامی مسائل کے حل کیلئے اقدامات کا مطالبہ کیا گیا ہے، متعلقہ حکام نے یقین دہانی کرائی کہ جلد کارروائی کی جائے گی اور شکایات کا ازالہ کیا جائے گا۔ رہنماؤں نے کہا کہ عوام کو بنیادی سہولیات کی فراہمی حکومت کی ذمہ داری ہے۔
حیدرآباد (اسٹاف رپورٹر) شہر کے مختلف علاقوں میں عوامی مسائل کے حل کیلئے اقدامات کا مطالبہ کیا گیا ہے، متعلقہ حکام نے یقین دہانی کرائی کہ جلد کارروائی کی جائے گی اور شکایات کا ازالہ کیا جائے گا۔ رہنماؤں نے کہا کہ عوام کو بنیادی سہولیات کی فراہمی حکومت کی ذمہ داری ہے۔
حیدرآباد (اسٹاف رپورٹر) شہر کے مختلف علاقوں میں عوامی مسائل کے حل کیلئے اقدامات کا مطالبہ کیا گیا ہے، متعلقہ حکام نے یقین دہانی کرائی کہ جلد کارروائی کی جائے گی اور شکایات کا ازالہ کیا جائے گا۔ رہنماؤں نے کہا کہ عوام کو بنیادی سہولیات کی فراہمی حکومت کی ذمہ داری ہے۔
حیدرآباد (اسٹاف رپورٹر) شہر کے مختلف علاقوں میں عوامی مسائل کے حل کیلئے اقدامات کا مطالبہ کیا گیا ہے، متعلقہ حکام نے یقین دہانی کرائی کہ جلد کارروائی کی جائے گی اور شکایات کا ازالہ کیا جائے گا۔ رہنماؤں نے کہا کہ عوام کو بنیادی سہولیات کی فراہمی حکومت کی ذمہ داری ہے۔
نمبر 30
فیصلہ
حیدرآباد (اسٹاف رپورٹر) شہر کے مختلف علاقوں میں عوامی مسائل کے حل کیلئے اقدامات کا مطالبہ کیا گیا ہے، متعلقہ حکام نے یقین دہانی کرائی کہ جلد کارروائی کی جائے گی اور شکایات کا ازالہ کیا جائے گا۔ رہنماؤں نے کہا کہ عوام کو بنیادی سہولیات کی فراہمی حکومت کی ذمہ داری ہے۔
حیدرآباد (اسٹاف رپورٹر) شہر کے مختلف علاقوں میں عوامی مسائل کے حل کیلئے اقدامات کا مطالبہ کیا گیا ہے، متعلقہ حکام نے یقین دہانی کرائی کہ جلد کارروائی کی جائے گی اور شکایات کا ازالہ کیا جائے گا۔ رہنماؤں نے کہا کہ عوام کو بنیادی سہولیات کی فراہمی حکومت کی ذمہ داری ہے۔
نمبر 31
احتجاج
حیدرآباد (اسٹاف رپورٹر) شہر کے مختلف علاقوں میں عوامی مسائل کے حل کیلئے اقدامات کا مطالبہ کیا گیا ہے، متعلقہ حکام نے یقین دہانی کرائی کہ جلد کارروائی کی جائے گی اور شکایات کا ازالہ کیا جائے گا۔ رہنماؤں نے کہا کہ عوام کو بنیادی سہولیات کی فراہمی حکومت کی ذمہ داری ہے۔
حیدرآباد (اسٹاف رپورٹر) شہر کے مختلف علاقوں میں عوامی مسائل کے حل کیلئے اقدامات کا مطالبہ کیا گیا ہے، متعلقہ حکام نے یقین دہانی کرائی کہ جلد کارروائی کی جائے گی اور شکایات کا ازالہ کیا جائے گا۔ رہنماؤں نے کہا کہ عوام کو بنیادی سہولیات کی فراہمی حکومت کی ذمہ داری ہے۔
حیدرآباد (اسٹاف رپورٹر) شہر کے مختلف علاقوں میں عوامی مسائل کے حل کیلئے اقدامات کا مطالبہ کیا گیا ہے، متعلقہ حکام نے یقین دہانی کرائی کہ جلد کارروائی کی جائے گی اور شکایات کا ازالہ کیا جائے گا۔ رہنماؤں نے کہا کہ عوام کو بنیادی سہولیات کی فراہمی حکومت کی ذمہ داری ہے۔
نمبر 32
رپورٹ
حیدرآباد (اسٹاف رپورٹر) شہر کے مختلف علاقوں میں عوامی مسائل کے حل کیلئے اقدامات کا مطالبہ کیا گیا ہے، متعلقہ حکام نے یقین دہانی کرائی کہ جلد کارروائی کی جائے گی اور شکایات کا ازالہ کیا جائے گا۔ رہنماؤں نے کہا کہ عوام کو بنیادی سہولیات کی فراہمی حکومت کی ذمہ داری ہے۔
حیدرآباد (اسٹاف رپورٹر) شہر کے مختلف علاقوں میں عوامی مسائل کے حل کیلئے اقدامات کا مطالبہ کیا گیا ہے، متعلقہ حکام نے یقین دہانی کرائی کہ جلد کارروائی کی جائے گی اور شکایات کا ازالہ کیا جائے گا۔ رہنماؤں نے کہا کہ عوام کو بنیادی سہولیات کی فراہمی حکومت کی ذمہ داری ہے۔
حیدرآباد (اسٹاف رپورٹر) شہر کے مختلف علاقوں میں عوامی مسائل کے حل کیلئے اقدامات کا مطالبہ کیا گیا ہے، متعلقہ حکام نے یقین دہانی کرائی کہ جلد کارروائی کی جائے گی اور شکایات کا ازالہ کیا جائے گا۔ رہنماؤں نے کہا کہ عوام کو بنیادی سہولیات کی فراہمی حکومت کی ذمہ داری ہے۔
حیدرآباد (اسٹاف رپورٹر) شہر کے مختلف علاقوں میں عوامی مسائل کے حل کیلئے اقدامات کا مطالبہ کیا گیا ہے، متعلقہ حکام نے یقین دہانی کرائی کہ جلد کارروائی کی جائے گی اور شکایات کا ازالہ کیا جائے گا۔ رہنماؤں نے کہا کہ عوام کو بنیادی سہولیات کی فراہمی حکومت کی ذمہ داری ہے۔
نمبر 33
اعلان
حیدرآباد (اسٹاف رپورٹر) شہر کے مختلف علاقوں میں عوامی مسائل کے حل کیلئے اقدامات کا مطالبہ کیا گیا ہے، متعلقہ حکام نے یقین دہانی کرائی کہ جلد کارروائی کی جائے گی اور شکایات کا ازالہ کیا جائے گا۔ رہنماؤں نے کہا کہ عوام کو بنیادی سہولیات کی فراہمی حکومت کی ذمہ داری ہے۔
حیدرآباد (اسٹاف رپورٹر) شہر کے مختلف علاقوں میں عوامی مسائل کے حل کیلئے اقدامات کا مطالبہ کیا گیا ہے، متعلقہ حکام نے یقین دہانی کرائی کہ جلد کارروائی کی جائے گی اور شکایات کا ازالہ کیا جائے گا۔ رہنماؤں نے کہا کہ عوام کو بنیادی سہولیات کی فراہمی حکومت کی ذمہ داری ہے۔
نمبر 34
ترقی
حیدرآباد (اسٹاف رپورٹر) شہر کے مختلف علاقوں میں عوامی مسائل کے حل کیلئے اقدامات کا مطالبہ کیا گیا ہے، متعلقہ حکام نے یقین دہانی کرائی کہ جلد کارروائی کی جائے گی اور شکایات کا ازالہ کیا جائے گا۔ رہنماؤں نے کہا کہ عوام کو بنیادی سہولیات کی فراہمی حکومت کی ذمہ داری ہے۔
حیدرآباد (اسٹاف رپورٹر) شہر کے مختلف علاقوں میں عوامی مسائل کے حل کیلئے اقدامات کا مطالبہ کیا گیا ہے، متعلقہ حکام نے یقین دہانی کرائی کہ جلد کارروائی کی جائے گی اور شکایات کا ازالہ کیا جائے گا۔ رہنماؤں نے کہا کہ عوام کو بنیادی سہولیات کی فراہمی حکومت کی ذمہ داری ہے۔
حیدرآباد (اسٹاف رپورٹر) شہر کے مختلف علاقوں میں عوامی مسائل کے حل کیلئے اقدامات کا مطالبہ کیا گیا ہے، متعلقہ حکام نے یقین دہانی کرائی کہ جلد کارروائی کی جائے گی اور شکایات کا ازالہ کیا جائے گا۔ رہنماؤں نے کہا کہ عوام کو بنیادی سہولیات کی فراہمی حکومت کی ذمہ داری ہے۔
نمبر 35
ملازمت
حیدرآباد (اسٹاف رپورٹر) شہر کے مختلف علاقوں میں عوامی مسائل کے حل کیلئے اقدامات کا مطالبہ کیا گیا ہے، متعلقہ حکام نے یقین دہانی کرائی کہ جلد کارروائی کی جائے گی اور شکایات کا ازالہ کیا جائے گا۔ رہنماؤں نے کہا کہ عوام کو بنیادی سہولیات کی فراہمی حکومت کی ذمہ داری ہے۔
حیدرآباد (اسٹاف رپورٹر) شہر کے مختلف علاقوں میں عوامی مسائل کے حل کیلئے اقدامات کا مطالبہ کیا گیا ہے، متعلقہ حکام نے یقین دہانی کرائی کہ جلد کارروائی کی جائے گی اور شکایات کا ازالہ کیا جائے گا۔ رہنماؤں نے کہا کہ عوام کو بنیادی سہولیات کی فراہمی حکومت کی ذمہ داری ہے۔
حیدرآباد (اسٹاف رپورٹر) شہر کے مختلف علاقوں میں عوامی مسائل کے حل کیلئے اقدامات کا مطالبہ کیا گیا ہے، متعلقہ حکام نے یقین دہانی کرائی کہ جلد کارروائی کی جائے گی اور شکایات کا ازالہ کیا جائے گا۔ رہنماؤں نے کہا کہ عوام کو بنیادی سہولیات کی فراہمی حکومت کی ذمہ داری ہے۔
حیدرآباد (اسٹاف رپورٹر) شہر کے مختلف علاقوں میں عوامی مسائل کے حل کیلئے اقدامات کا مطالبہ کیا گیا ہے، متعلقہ حکام نے یقین دہانی کرائی کہ جلد کارروائی کی جائے گی اور شکایات کا ازالہ کیا جائے گا۔ رہنماؤں نے کہا کہ عوام کو بنیادی سہولیات کی فراہمی حکومت کی ذمہ داری ہے۔
نمبر 36
سکھر
حیدرآباد (اسٹاف رپورٹر) شہر کے مختلف علاقوں میں عوامی مسائل کے حل کیلئے اقدامات کا مطالبہ کیا گیا ہے، متعلقہ حکام نے یقین دہانی کرائی کہ جلد کارروائی کی جائے گی اور شکایات کا ازالہ کیا جائے گا۔ رہنماؤں نے کہا کہ عوام کو بنیادی سہولیات کی فراہمی حکومت کی ذمہ داری ہے۔
حیدرآباد (اسٹاف رپورٹر) شہر کے مختلف علاقوں میں عوامی مسائل کے حل کیلئے اقدامات کا مطالبہ کیا گیا ہے، متعلقہ حکام نے یقین دہانی کرائی کہ جلد کارروائی کی جائے گی اور شکایات کا ازالہ کیا جائے گا۔ رہنماؤں نے کہا کہ عوام کو بنیادی سہولیات کی فراہمی حکومت کی ذمہ داری ہے۔
نمبر 37
تقریب
حیدرآباد (اسٹاف رپورٹر) شہر کے مختلف علاقوں میں عوامی مسائل کے حل کیلئے اقدامات کا مطالبہ کیا گیا ہے، متعلقہ حکام نے یقین دہانی کرائی کہ جلد کارروائی کی جائے گی اور شکایات کا ازالہ کیا جائے گا۔ رہنماؤں نے کہا کہ عوام کو بنیادی سہولیات کی فراہمی حکومت کی ذمہ داری ہے۔
حیدرآباد (اسٹاف رپورٹر) شہر کے مختلف علاقوں میں عوامی مسائل کے حل کیلئے اقدامات کا مطالبہ کیا گیا ہے، متعلقہ حکام نے یقین دہانی کرائی کہ جلد کارروائی کی جائے گی اور شکایات کا ازالہ کیا جائے گا۔ رہنماؤں نے کہا کہ عوام کو بنیادی سہولیات کی فراہمی حکومت کی ذمہ داری ہے۔
نمبر 38
سماعت
حیدرآباد (اسٹاف رپورٹر) شہر کے مختلف علاقوں میں عوامی مسائل کے حل کیلئے اقدامات کا مطالبہ کیا گیا ہے، متعلقہ حکام نے یقین دہانی کرائی کہ جلد کارروائی کی جائے گی اور شکایات کا ازالہ کیا جائے گا۔ رہنماؤں نے کہا کہ عوام کو بنیادی سہولیات کی فراہمی حکومت کی ذمہ داری ہے۔
حیدرآباد (اسٹاف رپورٹر) شہر کے مختلف علاقوں میں عوامی مسائل کے حل کیلئے اقدامات کا مطالبہ کیا گیا ہے، متعلقہ حکام نے یقین دہانی کرائی کہ جلد کارروائی کی جائے گی اور شکایات کا ازالہ کیا جائے گا۔ رہنماؤں نے کہا کہ عوام کو بنیادی سہولیات کی فراہمی حکومت کی ذمہ داری ہے۔
حیدرآباد (اسٹاف رپورٹر) شہر کے مختلف علاقوں میں عوامی مسائل کے حل کیلئے اقدامات کا مطالبہ کیا گیا ہے، متعلقہ حکام نے یقین دہانی کرائی کہ جلد کارروائی کی جائے گی اور شکایات کا ازالہ کیا جائے گا۔ رہنماؤں نے کہا کہ عوام کو بنیادی سہولیات کی فراہمی حکومت کی ذمہ داری ہے۔
نمبر 39
تعلیم
حیدرآباد (اسٹاف رپورٹر) شہر کے مختلف علاقوں میں عوامی مسائل کے حل کیلئے اقدامات کا مطالبہ کیا گیا ہے، متعلقہ حکام نے یقین دہانی کرائی کہ جلد کارروائی کی جائے گی اور شکایات کا ازالہ کیا جائے گا۔ رہنماؤں نے کہا کہ عوام کو بنیادی سہولیات کی فراہمی حکومت کی ذمہ داری ہے۔
حیدرآباد (اسٹاف رپورٹر) شہر کے مختلف علاقوں میں عوامی مسائل کے حل کیلئے اقدامات کا مطالبہ کیا گیا ہے، متعلقہ حکام نے یقین دہانی کرائی کہ جلد کارروائی کی جائے گی اور شکایات کا ازالہ کیا جائے گا۔ رہنماؤں نے کہا کہ عوام کو بنیادی سہولیات کی فراہمی حکومت کی ذمہ داری ہے۔
حیدرآباد (اسٹاف رپورٹر) شہر کے مختلف علاقوں میں عوامی مسائل کے حل کیلئے اقدامات کا مطالبہ کیا گیا ہے، متعلقہ حکام نے یقین دہانی کرائی کہ جلد کارروائی کی جائے گی اور شکایات کا ازالہ کیا جائے گا۔ رہنماؤں نے کہا کہ عوام کو بنیادی سہولیات کی فراہمی حکومت کی ذمہ داری ہے۔
حیدرآباد (اسٹاف رپورٹر) شہر کے مختلف علاقوں میں عوامی مسائل کے حل کیلئے اقدامات کا مطالبہ کیا گیا ہے، متعلقہ حکام نے یقین دہانی کرائی کہ جلد کارروائی کی جائے گی اور شکایات کا ازالہ کیا جائے گا۔ رہنماؤں نے کہا کہ عوام کو بنیادی سہولیات کی فراہمی حکومت کی ذمہ داری ہے۔
نمبر 40
مقدمہ
حیدرآباد (اسٹاف رپورٹر) شہر کے مختلف علاقوں میں عوامی مسائل کے حل کیلئے اقدامات کا مطالبہ کیا گیا ہے، متعلقہ حکام نے یقین دہانی کرائی کہ جلد کارروائی کی جائے گی اور شکایات کا ازالہ کیا جائے گا۔ رہنماؤں نے کہا کہ عوام کو بنیادی سہولیات کی فراہمی حکومت کی ذمہ داری ہے۔
حیدرآباد (اسٹاف رپورٹر) شہر کے مختلف علاقوں میں عوامی مسائل کے حل کیلئے اقدامات کا مطالبہ کیا گیا ہے، متعلقہ حکام نے یقین دہانی کرائی کہ جلد کارروائی کی جائے گی اور شکایات کا ازالہ کیا جائے گا۔ رہنماؤں نے کہا کہ عوام کو بنیادی سہولیات کی فراہمی حکومت کی ذمہ داری ہے۔
نمبر 41
مطالبہ
حیدرآباد (اسٹاف رپورٹر) شہر کے مختلف علاقوں میں عوامی مسائل کے حل کیلئے اقدامات کا مطالبہ کیا گیا ہے، متعلقہ حکام نے یقین دہانی کرائی کہ جلد کارروائی کی جائے گی اور شکایات کا ازالہ کیا جائے گا۔ رہنماؤں نے کہا کہ عوام کو بنیادی سہولیات کی فراہمی حکومت کی ذمہ داری ہے۔
حیدرآباد (اسٹاف رپورٹر) شہر کے مختلف علاقوں میں عوامی مسائل کے حل کیلئے اقدامات کا مطالبہ کیا گیا ہے، متعلقہ حکام نے یقین دہانی کرائی کہ جلد کارروائی کی جائے گی اور شکایات کا ازالہ کیا جائے گا۔ رہنماؤں نے کہا کہ عوام کو بنیادی سہولیات کی فراہمی حکومت کی ذمہ داری ہے۔
حیدرآباد (اسٹاف رپورٹر) شہر کے مختلف علاقوں میں عوامی مسائل کے حل کیلئے اقدامات کا مطالبہ کیا گیا ہے، متعلقہ حکام نے یقین دہانی کرائی کہ جلد کارروائی کی جائے گی اور شکایات کا ازالہ کیا جائے گا۔ رہنماؤں نے کہا کہ عوام کو بنیادی سہولیات کی فراہمی حکومت کی ذمہ داری ہے۔
رجسٹرڈ ڈاکٹر عادل آباد، مقدمہ نمبر 19911
